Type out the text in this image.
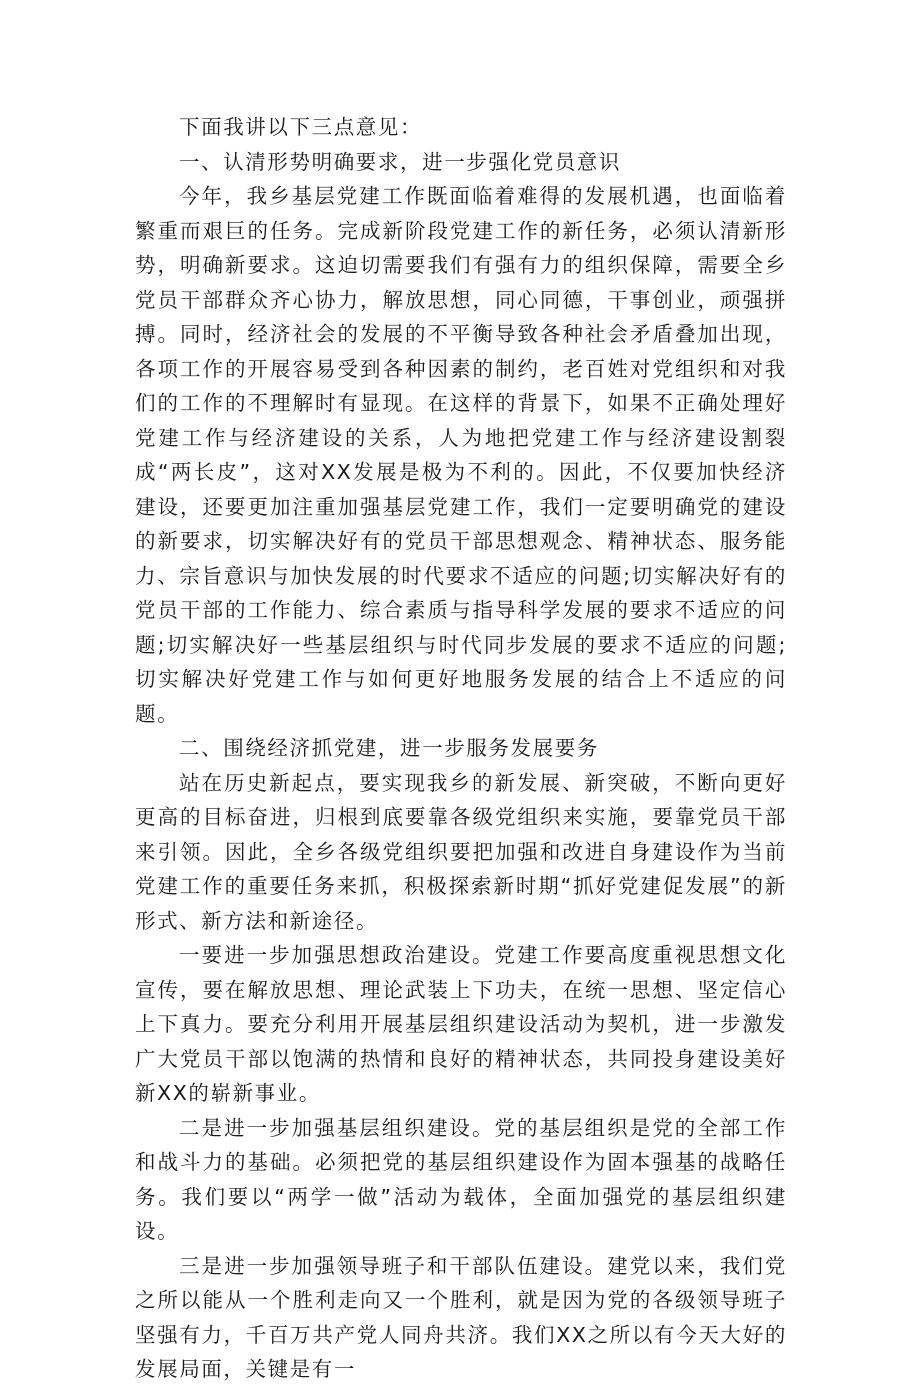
下面我讲以下三点意见：

一、认清形势明确要求，进一步强化党员意识

今年，我乡基层党建工作既面临着难得的发展机遇，也面临着繁重而艰巨的任务。完成新阶段党建工作的新任务，必须认清新形势，明确新要求。这迫切需要我们有强有力的组织保障，需要全乡党员干部群众齐心协力，解放思想，同心同德，干事创业，顽强拼搏。同时，经济社会的发展的不平衡导致各种社会矛盾叠加出现，各项工作的开展容易受到各种因素的制约，老百姓对党组织和对我们的工作的不理解时有显现。在这样的背景下，如果不正确处理好党建工作与经济建设的关系，人为地把党建工作与经济建设割裂成“两长皮”，这对XX发展是极为不利的。因此，不仅要加快经济建设，还要更加注重加强基层党建工作，我们一定要明确党的建设的新要求，切实解决好有的党员干部思想观念、精神状态、服务能力、宗旨意识与加快发展的时代要求不适应的问题;切实解决好有的党员干部的工作能力、综合素质与指导科学发展的要求不适应的问题;切实解决好一些基层组织与时代同步发展的要求不适应的问题;切实解决好党建工作与如何更好地服务发展的结合上不适应的问题。

二、围绕经济抓党建，进一步服务发展要务

站在历史新起点，要实现我乡的新发展、新突破，不断向更好更高的目标奋进，归根到底要靠各级党组织来实施，要靠党员干部来引领。因此，全乡各级党组织要把加强和改进自身建设作为当前党建工作的重要任务来抓，积极探索新时期“抓好党建促发展”的新形式、新方法和新途径。

一要进一步加强思想政治建设。党建工作要高度重视思想文化宣传，要在解放思想、理论武装上下功夫，在统一思想、坚定信心上下真力。要充分利用开展基层组织建设活动为契机，进一步激发广大党员干部以饱满的热情和良好的精神状态，共同投身建设美好新XX的崭新事业。

二是进一步加强基层组织建设。党的基层组织是党的全部工作和战斗力的基础。必须把党的基层组织建设作为固本强基的战略任务。我们要以“两学一做”活动为载体，全面加强党的基层组织建设。

三是进一步加强领导班子和干部队伍建设。建党以来，我们党之所以能从一个胜利走向又一个胜利，就是因为党的各级领导班子坚强有力，千百万共产党人同舟共济。我们XX之所以有今天大好的发展局面，关键是有一
